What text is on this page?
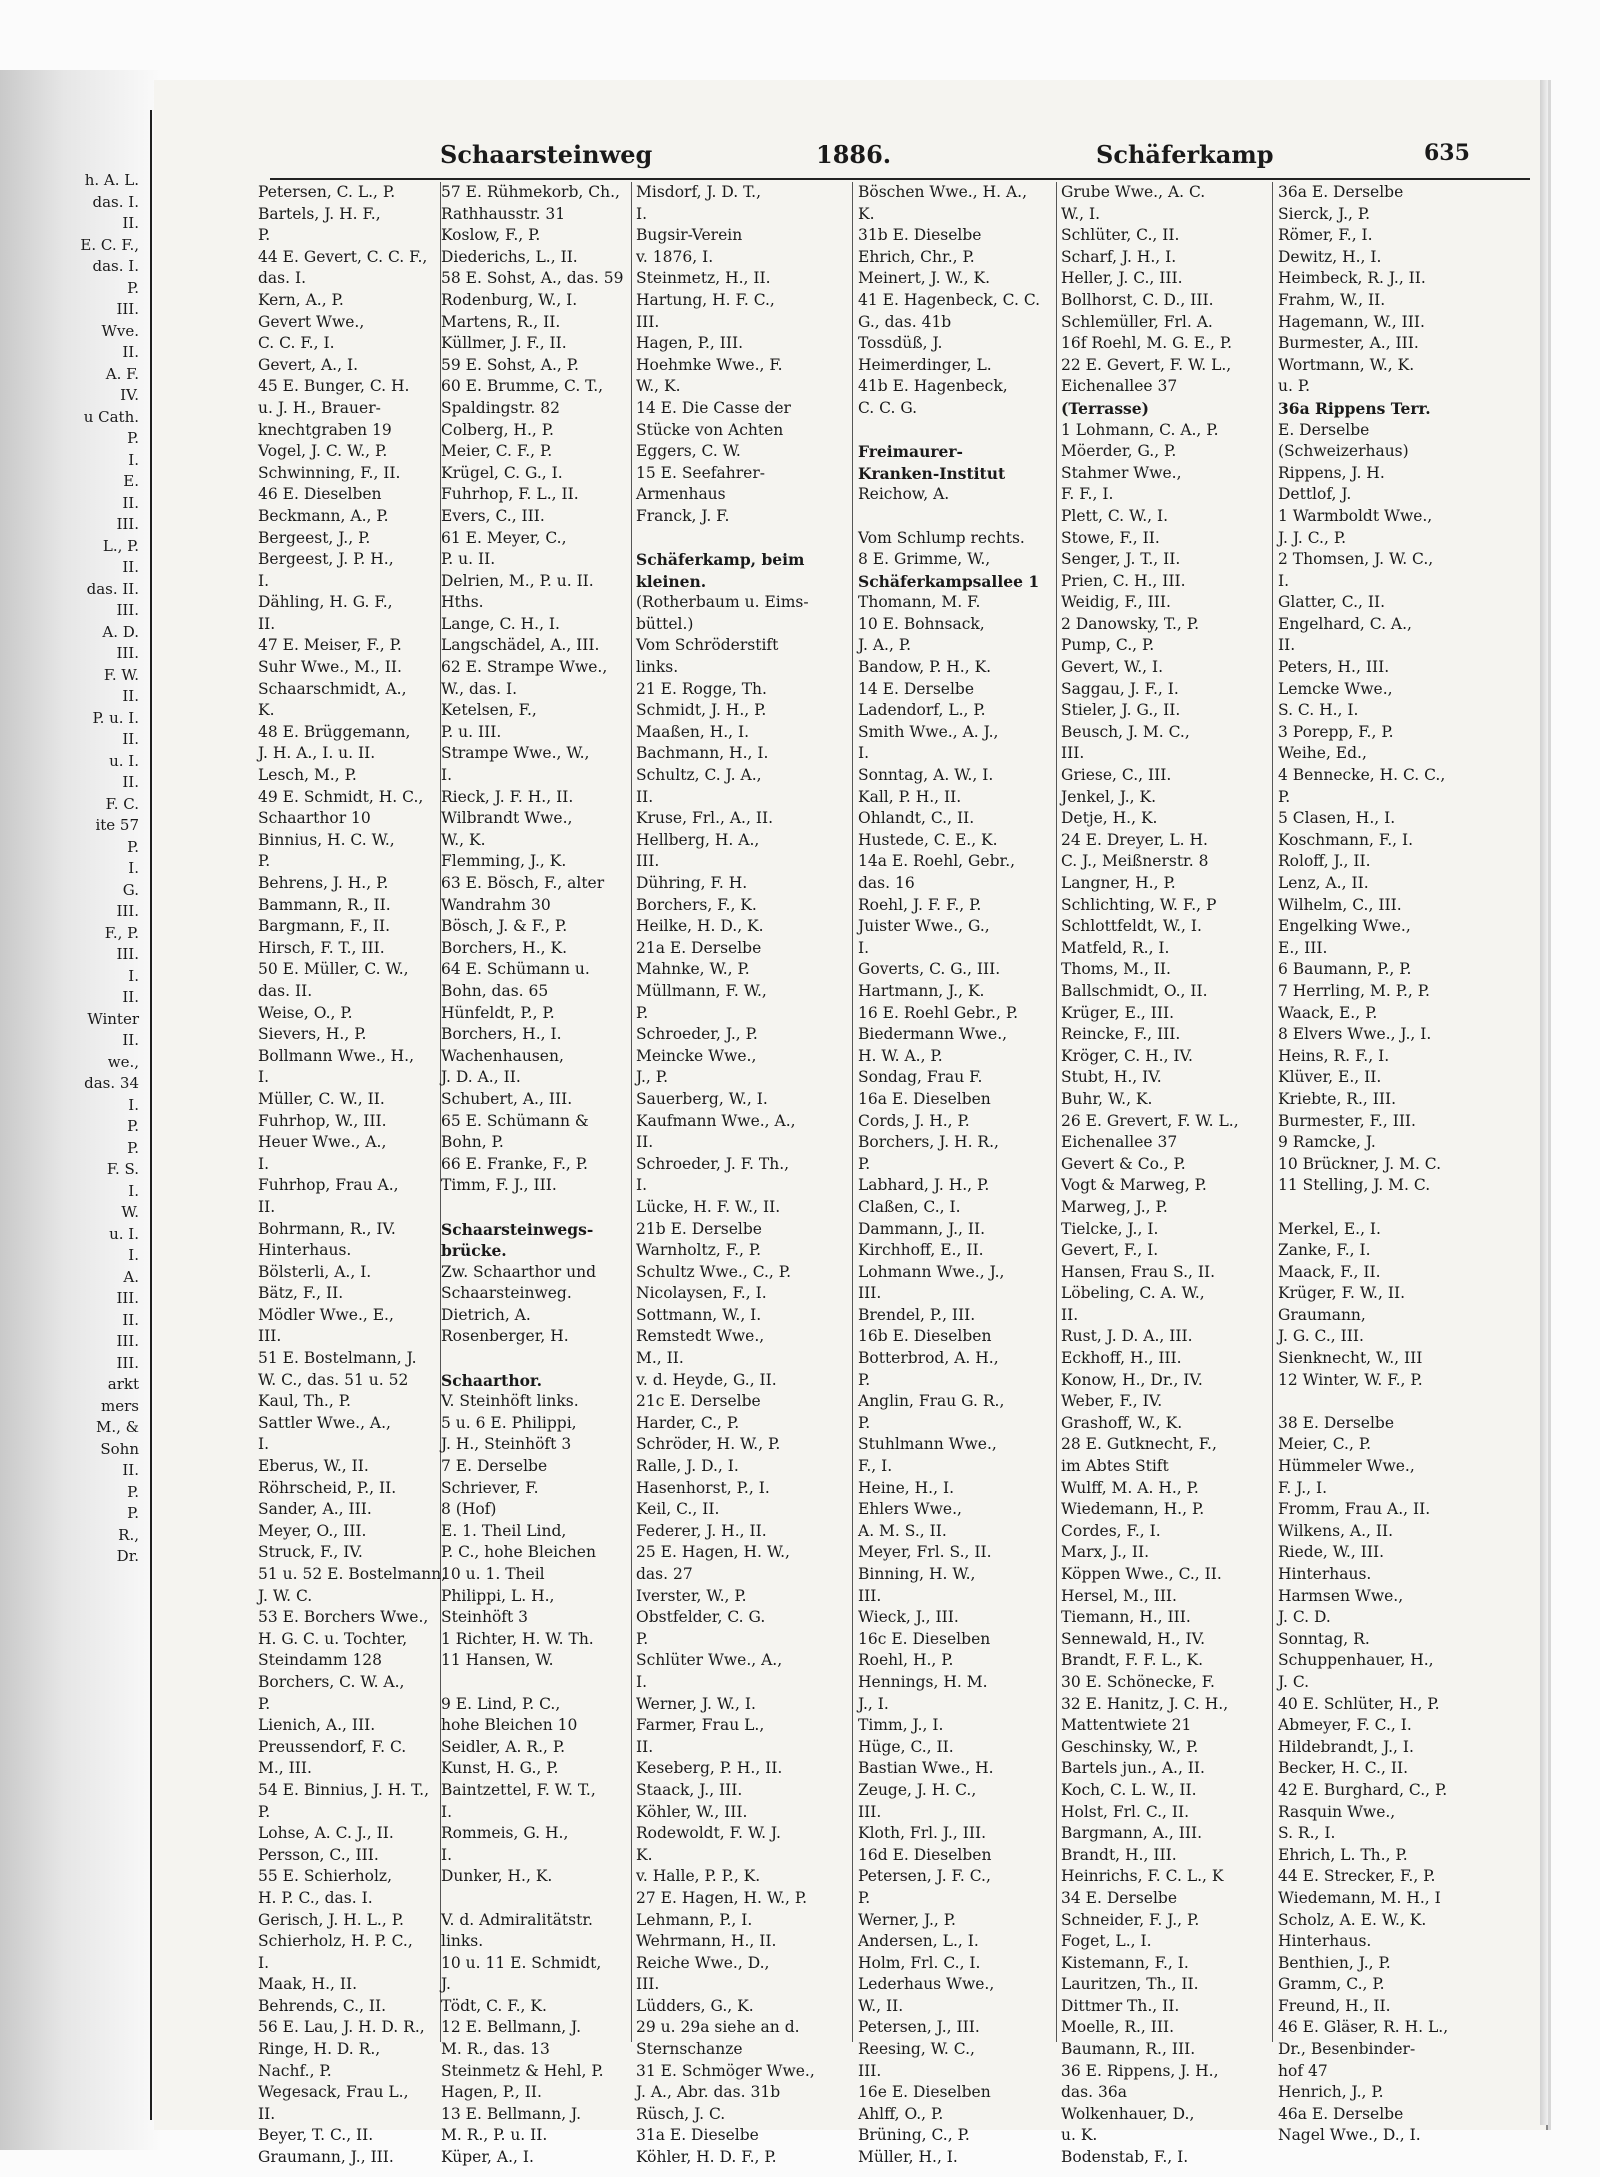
h. A. L.
das. I.
II.
E. C. F.,
das. I.
P.
III.
Wve.
II.
A. F.
IV.
u Cath.
P.
I.
E.
II.
III.
L., P.
II.
das. II.
III.
A. D.
III.
F. W.
II.
P. u. I.
II.
u. I.
II.
F. C.
ite 57
P.
I.
G.
III.
F., P.
III.
I.
II.
Winter
II.
we.,
das. 34
I.
P.
P.
F. S.
I.
W.
u. I.
I.
A.
III.
II.
III.
III.
arkt
mers
M., &
Sohn
II.
P.
P.
R.,
Dr.
Schaarsteinweg	1886.	Schäferkamp	635
Petersen, C. L., P.
Bartels, J. H. F.,
P.
44 E. Gevert, C. C. F.,
das. I.
Kern, A., P.
Gevert Wwe.,
C. C. F., I.
Gevert, A., I.
45 E. Bunger, C. H.
u. J. H., Brauer-
knechtgraben 19
Vogel, J. C. W., P.
Schwinning, F., II.
46 E. Dieselben
Beckmann, A., P.
Bergeest, J., P.
Bergeest, J. P. H.,
I.
Dähling, H. G. F.,
II.
47 E. Meiser, F., P.
Suhr Wwe., M., II.
Schaarschmidt, A.,
K.
48 E. Brüggemann,
J. H. A., I. u. II.
Lesch, M., P.
49 E. Schmidt, H. C.,
Schaarthor 10
Binnius, H. C. W.,
P.
Behrens, J. H., P.
Bammann, R., II.
Bargmann, F., II.
Hirsch, F. T., III.
50 E. Müller, C. W.,
das. II.
Weise, O., P.
Sievers, H., P.
Bollmann Wwe., H.,
I.
Müller, C. W., II.
Fuhrhop, W., III.
Heuer Wwe., A.,
I.
Fuhrhop, Frau A.,
II.
Bohrmann, R., IV.
Hinterhaus.
Bölsterli, A., I.
Bätz, F., II.
Mödler Wwe., E.,
III.
51 E. Bostelmann, J.
W. C., das. 51 u. 52
Kaul, Th., P.
Sattler Wwe., A.,
I.
Eberus, W., II.
Röhrscheid, P., II.
Sander, A., III.
Meyer, O., III.
Struck, F., IV.
51 u. 52 E. Bostelmann,
J. W. C.
53 E. Borchers Wwe.,
H. G. C. u. Tochter,
Steindamm 128
Borchers, C. W. A.,
P.
Lienich, A., III.
Preussendorf, F. C.
M., III.
54 E. Binnius, J. H. T.,
P.
Lohse, A. C. J., II.
Persson, C., III.
55 E. Schierholz,
H. P. C., das. I.
Gerisch, J. H. L., P.
Schierholz, H. P. C.,
I.
Maak, H., II.
Behrends, C., II.
56 E. Lau, J. H. D. R.,
Ringe, H. D. R.,
Nachf., P.
Wegesack, Frau L.,
II.
Beyer, T. C., II.
Graumann, J., III.
57 E. Rühmekorb, Ch.,
Rathhausstr. 31
Koslow, F., P.
Diederichs, L., II.
58 E. Sohst, A., das. 59
Rodenburg, W., I.
Martens, R., II.
Küllmer, J. F., II.
59 E. Sohst, A., P.
60 E. Brumme, C. T.,
Spaldingstr. 82
Colberg, H., P.
Meier, C. F., P.
Krügel, C. G., I.
Fuhrhop, F. L., II.
Evers, C., III.
61 E. Meyer, C.,
P. u. II.
Delrien, M., P. u. II.
Hths.
Lange, C. H., I.
Langschädel, A., III.
62 E. Strampe Wwe.,
W., das. I.
Ketelsen, F.,
P. u. III.
Strampe Wwe., W.,
I.
Rieck, J. F. H., II.
Wilbrandt Wwe.,
W., K.
Flemming, J., K.
63 E. Bösch, F., alter
Wandrahm 30
Bösch, J. & F., P.
Borchers, H., K.
64 E. Schümann u.
Bohn, das. 65
Hünfeldt, P., P.
Borchers, H., I.
Wachenhausen,
J. D. A., II.
Schubert, A., III.
65 E. Schümann &
Bohn, P.
66 E. Franke, F., P.
Timm, F. J., III.

Schaarsteinwegs-
brücke.
Zw. Schaarthor und
Schaarsteinweg.
Dietrich, A.
Rosenberger, H.

Schaarthor.
V. Steinhöft links.
5 u. 6 E. Philippi,
J. H., Steinhöft 3
7 E. Derselbe
Schriever, F.
8 (Hof)
E. 1. Theil Lind,
P. C., hohe Bleichen
10 u. 1. Theil
Philippi, L. H.,
Steinhöft 3
1 Richter, H. W. Th.
11 Hansen, W.

9 E. Lind, P. C.,
hohe Bleichen 10
Seidler, A. R., P.
Kunst, H. G., P.
Baintzettel, F. W. T.,
I.
Rommeis, G. H.,
I.
Dunker, H., K.

V. d. Admiralitätstr.
links.
10 u. 11 E. Schmidt,
J.
Tödt, C. F., K.
12 E. Bellmann, J.
M. R., das. 13
Steinmetz & Hehl, P.
Hagen, P., II.
13 E. Bellmann, J.
M. R., P. u. II.
Küper, A., I.
Misdorf, J. D. T.,
I.
Bugsir-Verein
v. 1876, I.
Steinmetz, H., II.
Hartung, H. F. C.,
III.
Hagen, P., III.
Hoehmke Wwe., F.
W., K.
14 E. Die Casse der
Stücke von Achten
Eggers, C. W.
15 E. Seefahrer-
Armenhaus
Franck, J. F.

Schäferkamp, beim
kleinen.
(Rotherbaum u. Eims-
büttel.)
Vom Schröderstift
links.
21 E. Rogge, Th.
Schmidt, J. H., P.
Maaßen, H., I.
Bachmann, H., I.
Schultz, C. J. A.,
II.
Kruse, Frl., A., II.
Hellberg, H. A.,
III.
Dühring, F. H.
Borchers, F., K.
Heilke, H. D., K.
21a E. Derselbe
Mahnke, W., P.
Müllmann, F. W.,
P.
Schroeder, J., P.
Meincke Wwe.,
J., P.
Sauerberg, W., I.
Kaufmann Wwe., A.,
II.
Schroeder, J. F. Th.,
I.
Lücke, H. F. W., II.
21b E. Derselbe
Warnholtz, F., P.
Schultz Wwe., C., P.
Nicolaysen, F., I.
Sottmann, W., I.
Remstedt Wwe.,
M., II.
v. d. Heyde, G., II.
21c E. Derselbe
Harder, C., P.
Schröder, H. W., P.
Ralle, J. D., I.
Hasenhorst, P., I.
Keil, C., II.
Federer, J. H., II.
25 E. Hagen, H. W.,
das. 27
Iverster, W., P.
Obstfelder, C. G.
P.
Schlüter Wwe., A.,
I.
Werner, J. W., I.
Farmer, Frau L.,
II.
Keseberg, P. H., II.
Staack, J., III.
Köhler, W., III.
Rodewoldt, F. W. J.
K.
v. Halle, P. P., K.
27 E. Hagen, H. W., P.
Lehmann, P., I.
Wehrmann, H., II.
Reiche Wwe., D.,
III.
Lüdders, G., K.
29 u. 29a siehe an d.
Sternschanze
31 E. Schmöger Wwe.,
J. A., Abr. das. 31b
Rüsch, J. C.
31a E. Dieselbe
Köhler, H. D. F., P.
Böschen Wwe., H. A.,
K.
31b E. Dieselbe
Ehrich, Chr., P.
Meinert, J. W., K.
41 E. Hagenbeck, C. C.
G., das. 41b
Tossdüß, J.
Heimerdinger, L.
41b E. Hagenbeck,
C. C. G.

Freimaurer-
Kranken-Institut
Reichow, A.

Vom Schlump rechts.
8 E. Grimme, W.,
Schäferkampsallee 1
Thomann, M. F.
10 E. Bohnsack,
J. A., P.
Bandow, P. H., K.
14 E. Derselbe
Ladendorf, L., P.
Smith Wwe., A. J.,
I.
Sonntag, A. W., I.
Kall, P. H., II.
Ohlandt, C., II.
Hustede, C. E., K.
14a E. Roehl, Gebr.,
das. 16
Roehl, J. F. F., P.
Juister Wwe., G.,
I.
Goverts, C. G., III.
Hartmann, J., K.
16 E. Roehl Gebr., P.
Biedermann Wwe.,
H. W. A., P.
Sondag, Frau F.
16a E. Dieselben
Cords, J. H., P.
Borchers, J. H. R.,
P.
Labhard, J. H., P.
Claßen, C., I.
Dammann, J., II.
Kirchhoff, E., II.
Lohmann Wwe., J.,
III.
Brendel, P., III.
16b E. Dieselben
Botterbrod, A. H.,
P.
Anglin, Frau G. R.,
P.
Stuhlmann Wwe.,
F., I.
Heine, H., I.
Ehlers Wwe.,
A. M. S., II.
Meyer, Frl. S., II.
Binning, H. W.,
III.
Wieck, J., III.
16c E. Dieselben
Roehl, H., P.
Hennings, H. M.
J., I.
Timm, J., I.
Hüge, C., II.
Bastian Wwe., H.
Zeuge, J. H. C.,
III.
Kloth, Frl. J., III.
16d E. Dieselben
Petersen, J. F. C.,
P.
Werner, J., P.
Andersen, L., I.
Holm, Frl. C., I.
Lederhaus Wwe.,
W., II.
Petersen, J., III.
Reesing, W. C.,
III.
16e E. Dieselben
Ahlff, O., P.
Brüning, C., P.
Müller, H., I.
Grube Wwe., A. C.
W., I.
Schlüter, C., II.
Scharf, J. H., I.
Heller, J. C., III.
Bollhorst, C. D., III.
Schlemüller, Frl. A.
16f Roehl, M. G. E., P.
22 E. Gevert, F. W. L.,
Eichenallee 37
(Terrasse)
1 Lohmann, C. A., P.
Möerder, G., P.
Stahmer Wwe.,
F. F., I.
Plett, C. W., I.
Stowe, F., II.
Senger, J. T., II.
Prien, C. H., III.
Weidig, F., III.
2 Danowsky, T., P.
Pump, C., P.
Gevert, W., I.
Saggau, J. F., I.
Stieler, J. G., II.
Beusch, J. M. C.,
III.
Griese, C., III.
Jenkel, J., K.
Detje, H., K.
24 E. Dreyer, L. H.
C. J., Meißnerstr. 8
Langner, H., P.
Schlichting, W. F., P
Schlottfeldt, W., I.
Matfeld, R., I.
Thoms, M., II.
Ballschmidt, O., II.
Krüger, E., III.
Reincke, F., III.
Kröger, C. H., IV.
Stubt, H., IV.
Buhr, W., K.
26 E. Grevert, F. W. L.,
Eichenallee 37
Gevert & Co., P.
Vogt & Marweg, P.
Marweg, J., P.
Tielcke, J., I.
Gevert, F., I.
Hansen, Frau S., II.
Löbeling, C. A. W.,
II.
Rust, J. D. A., III.
Eckhoff, H., III.
Konow, H., Dr., IV.
Weber, F., IV.
Grashoff, W., K.
28 E. Gutknecht, F.,
im Abtes Stift
Wulff, M. A. H., P.
Wiedemann, H., P.
Cordes, F., I.
Marx, J., II.
Köppen Wwe., C., II.
Hersel, M., III.
Tiemann, H., III.
Sennewald, H., IV.
Brandt, F. F. L., K.
30 E. Schönecke, F.
32 E. Hanitz, J. C. H.,
Mattentwiete 21
Geschinsky, W., P.
Bartels jun., A., II.
Koch, C. L. W., II.
Holst, Frl. C., II.
Bargmann, A., III.
Brandt, H., III.
Heinrichs, F. C. L., K
34 E. Derselbe
Schneider, F. J., P.
Foget, L., I.
Kistemann, F., I.
Lauritzen, Th., II.
Dittmer Th., II.
Moelle, R., III.
Baumann, R., III.
36 E. Rippens, J. H.,
das. 36a
Wolkenhauer, D.,
u. K.
Bodenstab, F., I.
36a E. Derselbe
Sierck, J., P.
Römer, F., I.
Dewitz, H., I.
Heimbeck, R. J., II.
Frahm, W., II.
Hagemann, W., III.
Burmester, A., III.
Wortmann, W., K.
u. P.
36a Rippens Terr.
E. Derselbe
(Schweizerhaus)
Rippens, J. H.
Dettlof, J.
1 Warmboldt Wwe.,
J. J. C., P.
2 Thomsen, J. W. C.,
I.
Glatter, C., II.
Engelhard, C. A.,
II.
Peters, H., III.
Lemcke Wwe.,
S. C. H., I.
3 Porepp, F., P.
Weihe, Ed.,
4 Bennecke, H. C. C.,
P.
5 Clasen, H., I.
Koschmann, F., I.
Roloff, J., II.
Lenz, A., II.
Wilhelm, C., III.
Engelking Wwe.,
E., III.
6 Baumann, P., P.
7 Herrling, M. P., P.
Waack, E., P.
8 Elvers Wwe., J., I.
Heins, R. F., I.
Klüver, E., II.
Kriebte, R., III.
Burmester, F., III.
9 Ramcke, J.
10 Brückner, J. M. C.
11 Stelling, J. M. C.

Merkel, E., I.
Zanke, F., I.
Maack, F., II.
Krüger, F. W., II.
Graumann,
J. G. C., III.
Sienknecht, W., III
12 Winter, W. F., P.

38 E. Derselbe
Meier, C., P.
Hümmeler Wwe.,
F. J., I.
Fromm, Frau A., II.
Wilkens, A., II.
Riede, W., III.
Hinterhaus.
Harmsen Wwe.,
J. C. D.
Sonntag, R.
Schuppenhauer, H.,
J. C.
40 E. Schlüter, H., P.
Abmeyer, F. C., I.
Hildebrandt, J., I.
Becker, H. C., II.
42 E. Burghard, C., P.
Rasquin Wwe.,
S. R., I.
Ehrich, L. Th., P.
44 E. Strecker, F., P.
Wiedemann, M. H., I
Scholz, A. E. W., K.
Hinterhaus.
Benthien, J., P.
Gramm, C., P.
Freund, H., II.
46 E. Gläser, R. H. L.,
Dr., Besenbinder-
hof 47
Henrich, J., P.
46a E. Derselbe
Nagel Wwe., D., I.
